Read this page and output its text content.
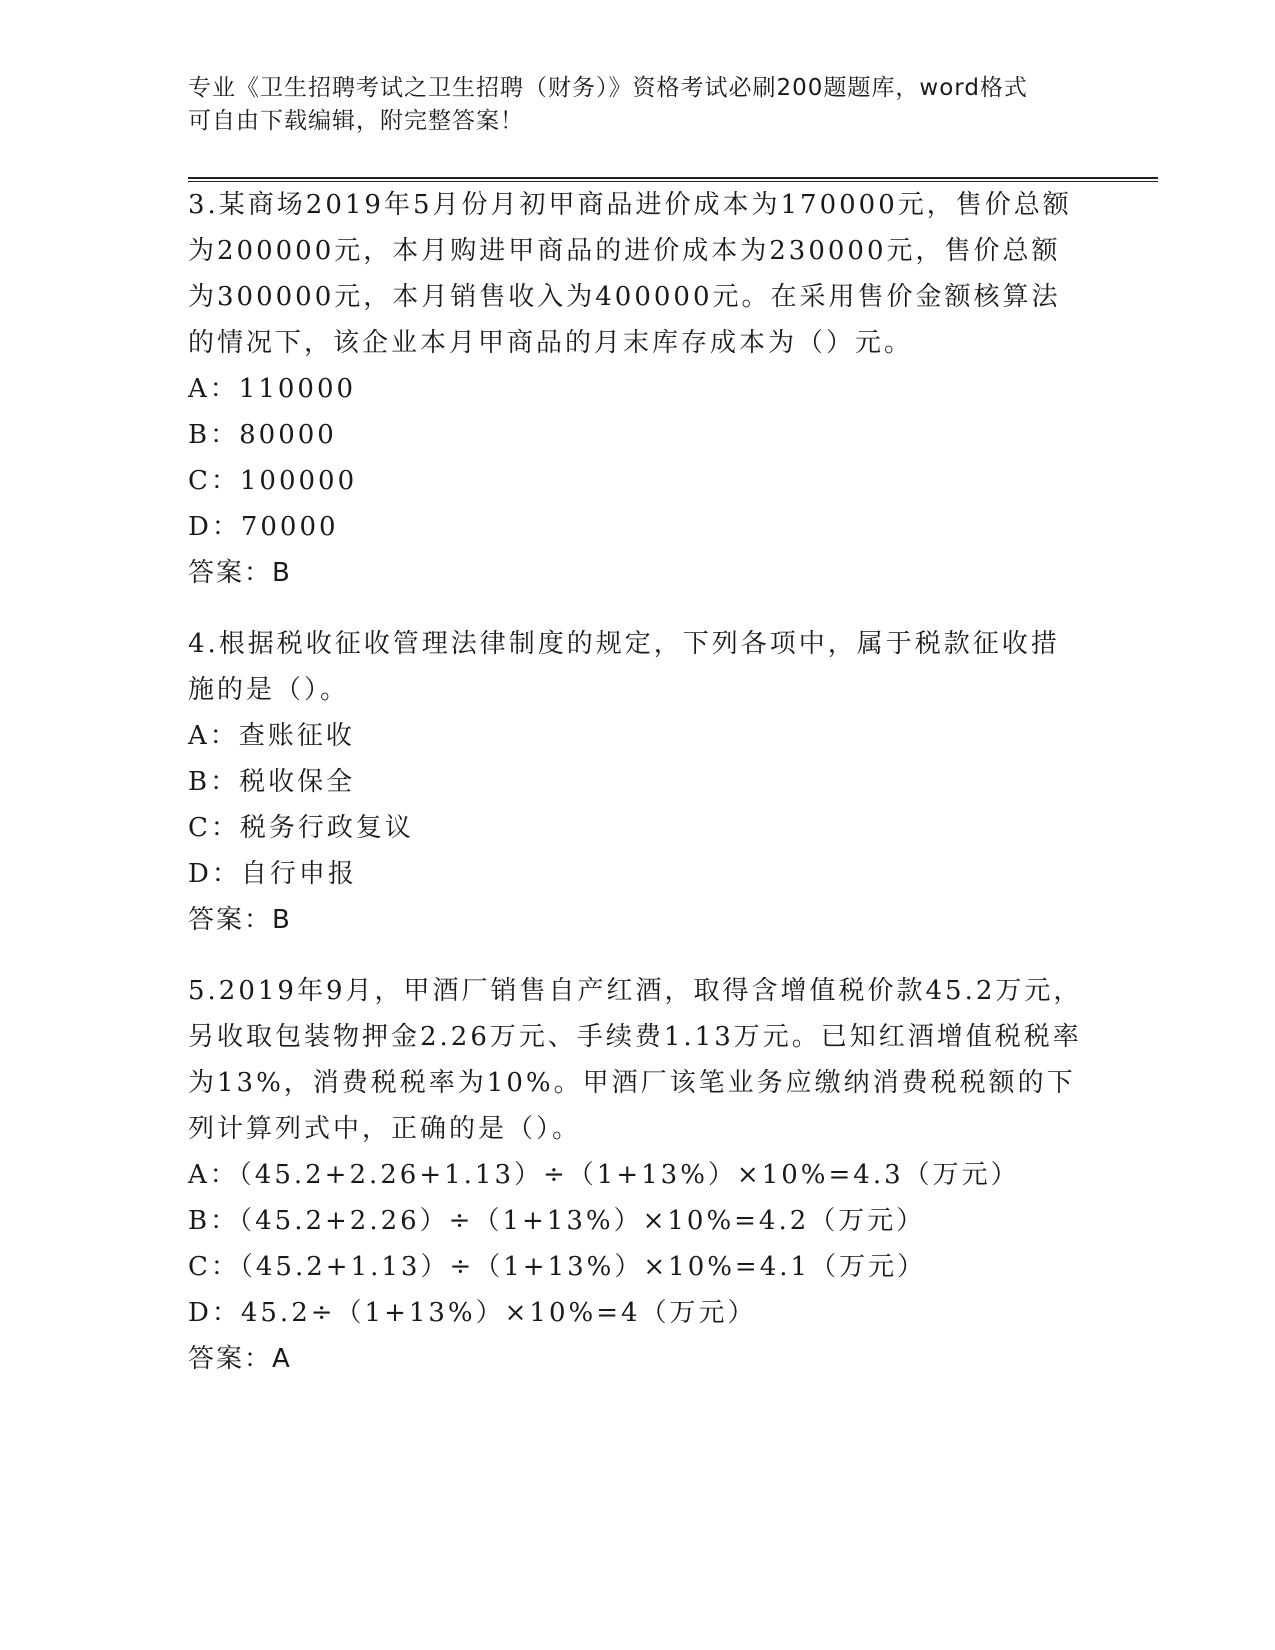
专业《卫生招聘考试之卫生招聘（财务）》资格考试必刷200题题库，word格式
可自由下载编辑，附完整答案！

3.某商场2019年5月份月初甲商品进价成本为170000元，售价总额为200000元，本月购进甲商品的进价成本为230000元，售价总额为300000元，本月销售收入为400000元。在采用售价金额核算法的情况下，该企业本月甲商品的月末库存成本为（）元。

A：110000

B：80000

C：100000

D：70000

答案：B

4.根据税收征收管理法律制度的规定，下列各项中，属于税款征收措施的是（）。

A：查账征收

B：税收保全

C：税务行政复议

D：自行申报

答案：B

5.2019年9月，甲酒厂销售自产红酒，取得含增值税价款45.2万元，另收取包装物押金2.26万元、手续费1.13万元。已知红酒增值税税率为13%，消费税税率为10%。甲酒厂该笔业务应缴纳消费税税额的下列计算列式中，正确的是（）。

A：（45.2+2.26+1.13）÷（1+13%）×10%=4.3（万元）

B：（45.2+2.26）÷（1+13%）×10%=4.2（万元）

C：（45.2+1.13）÷（1+13%）×10%=4.1（万元）

D：45.2÷（1+13%）×10%=4（万元）

答案：A
